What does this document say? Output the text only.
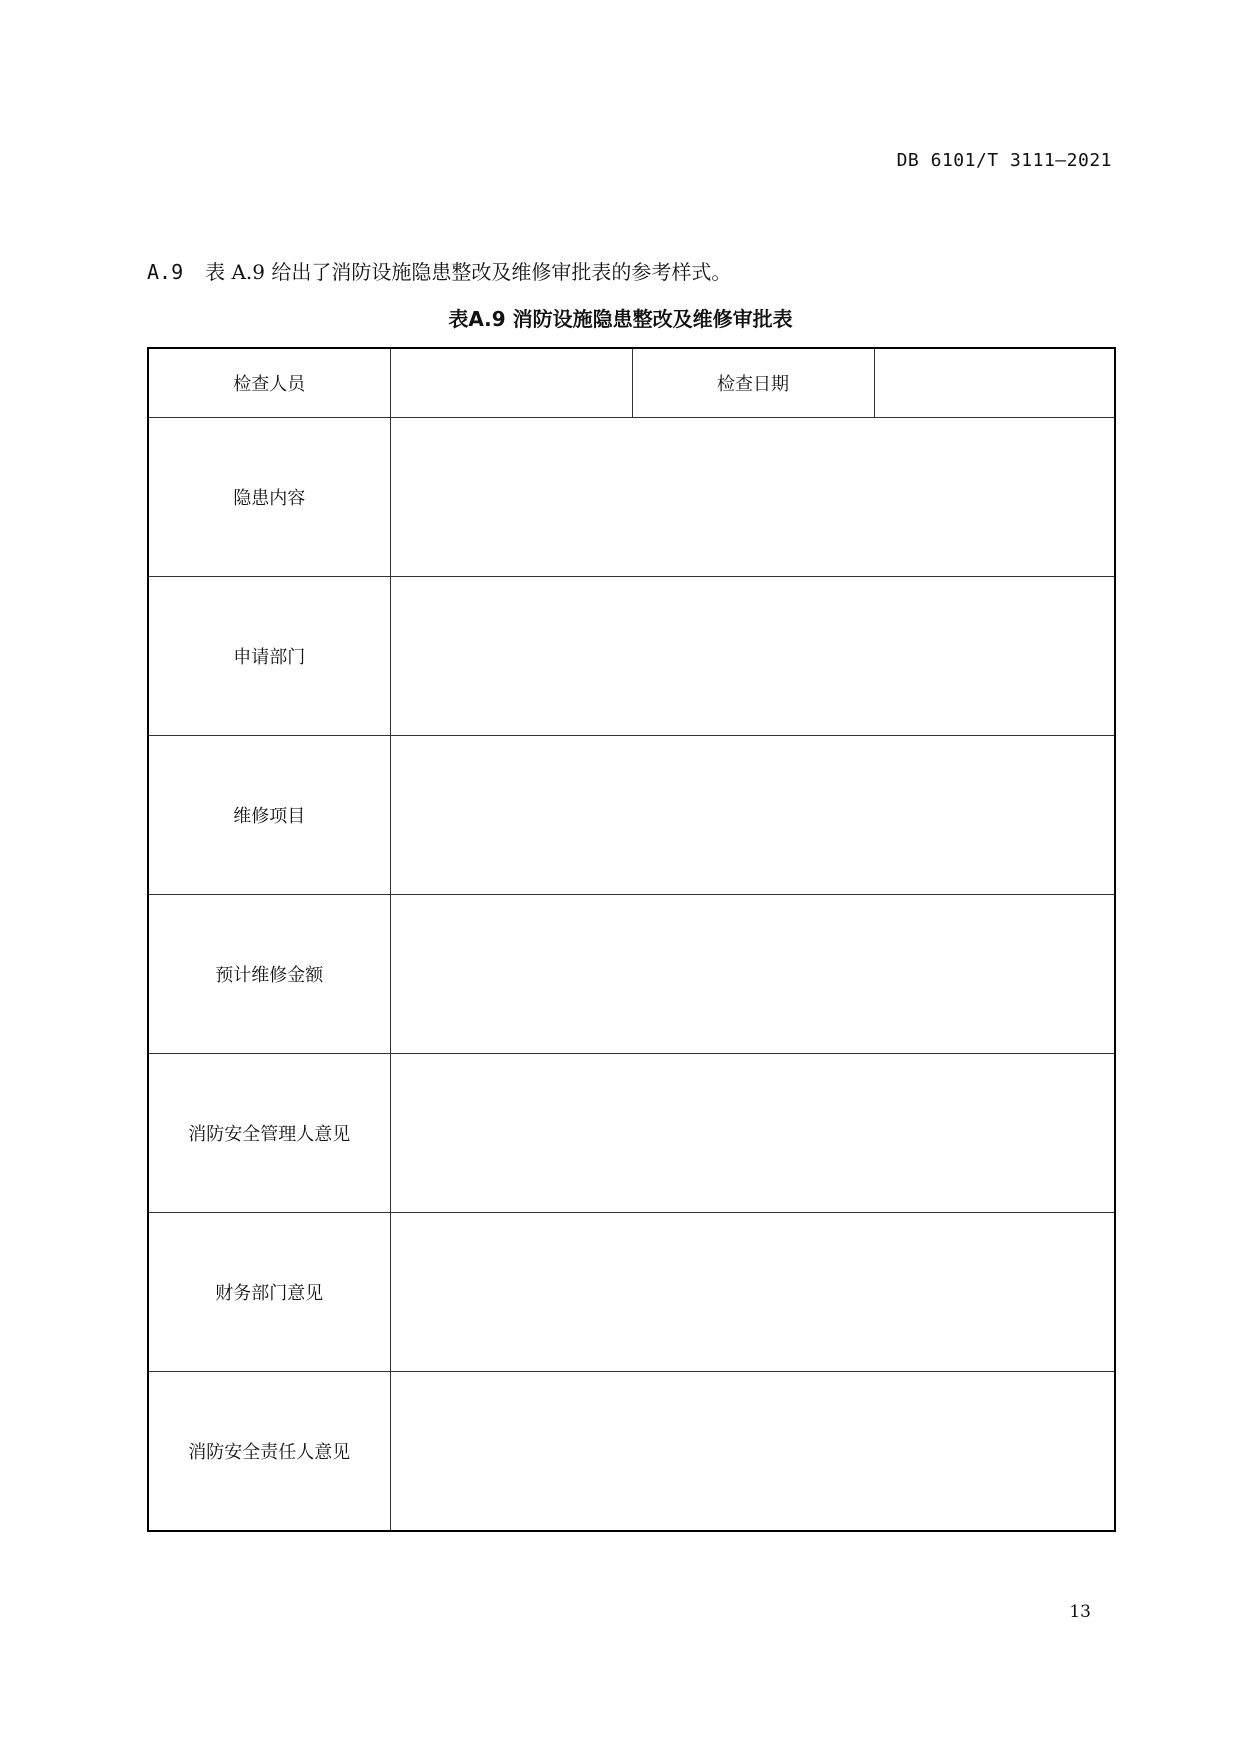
DB 6101/T 3111—2021
A.9 表 A.9 给出了消防设施隐患整改及维修审批表的参考样式。
表A.9 消防设施隐患整改及维修审批表
检查人员		检查日期	
隐患内容			
申请部门			
维修项目			
预计维修金额			
消防安全管理人意见			
财务部门意见			
消防安全责任人意见			
13
